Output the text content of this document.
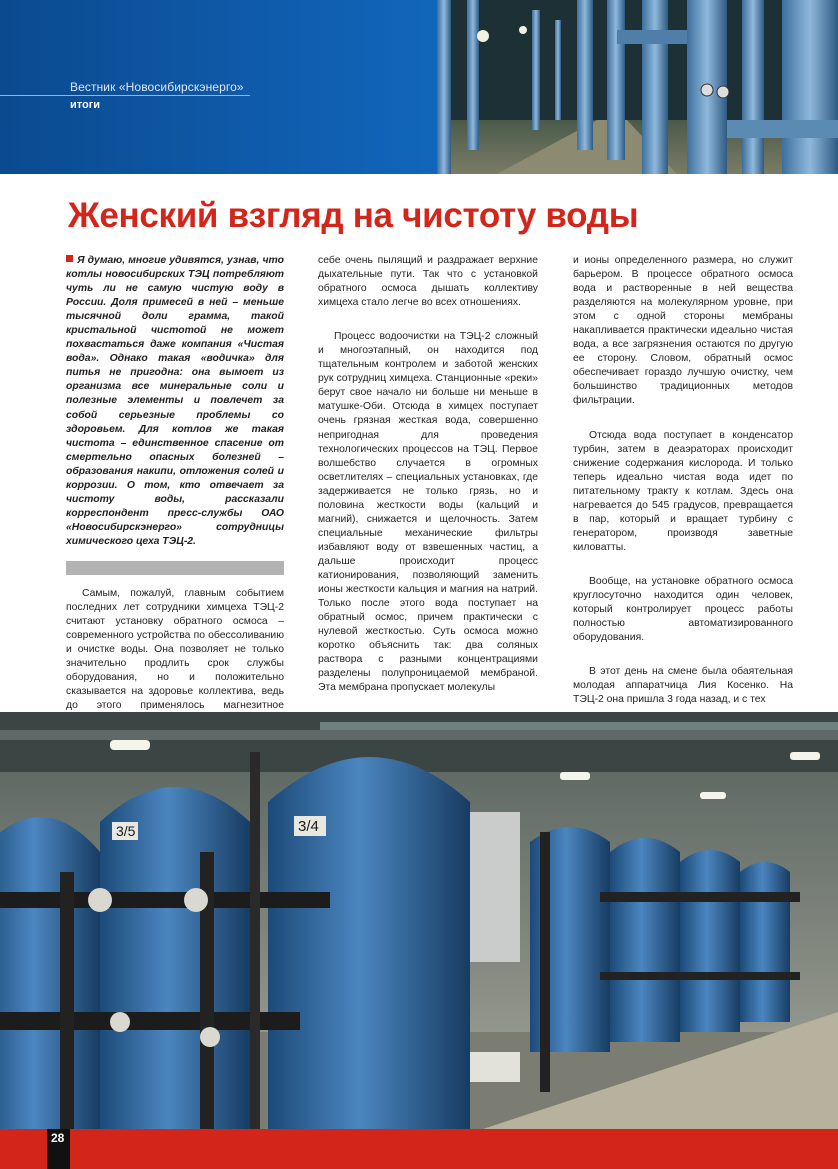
Вестник «Новосибирскэнерго»
итоги
Женский взгляд на чистоту воды

Я думаю, многие удивятся, узнав, что котлы новосибирских ТЭЦ потребляют чуть ли не самую чистую воду в России. Доля примесей в ней – меньше тысячной доли грамма, такой кристальной чистотой не может похвастаться даже компания «Чистая вода». Однако такая «водичка» для питья не пригодна: она вымоет из организма все минеральные соли и полезные элементы и повлечет за собой серьезные проблемы со здоровьем. Для котлов же такая чистота – единственное спасение от смертельно опасных болезней – образования накипи, отложения солей и коррозии. О том, кто отвечает за чистоту воды, рассказали корреспондент пресс-службы ОАО «Новосибирскэнерго» сотрудницы химического цеха ТЭЦ-2.

Самым, пожалуй, главным событием последних лет сотрудники химцеха ТЭЦ-2 считают установку обратного осмоса – современного устройства по обессоливанию и очистке воды. Она позволяет не только значительно продлить срок службы оборудования, но и положительно сказывается на здоровье коллектива, ведь до этого применялось магнезитное

себе очень пылящий и раздражает верхние дыхательные пути. Так что с установкой обратного осмоса дышать коллективу химцеха стало легче во всех отношениях.

Процесс водоочистки на ТЭЦ-2 сложный и многоэтапный, он находится под тщательным контролем и заботой женских рук сотрудниц химцеха. Станционные «реки» берут свое начало ни больше ни меньше в матушке-Оби. Отсюда в химцех поступает очень грязная жесткая вода, совершенно непригодная для проведения технологических процессов на ТЭЦ. Первое волшебство случается в огромных осветлителях – специальных установках, где задерживается не только грязь, но и половина жесткости воды (кальций и магний), снижается и щелочность. Затем специальные механические фильтры избавляют воду от взвешенных частиц, а дальше происходит процесс катионирования, позволяющий заменить ионы жесткости кальция и магния на натрий. Только после этого вода поступает на обратный осмос, причем практически с нулевой жесткостью. Суть осмоса можно коротко объяснить так: два соляных раствора с разными концентрациями разделены полупроницаемой мембраной. Эта мембрана пропускает молекулы

и ионы определенного размера, но служит барьером. В процессе обратного осмоса вода и растворенные в ней вещества разделяются на молекулярном уровне, при этом с одной стороны мембраны накапливается практически идеально чистая вода, а все загрязнения остаются по другую ее сторону. Словом, обратный осмос обеспечивает гораздо лучшую очистку, чем большинство традиционных методов фильтрации.

Отсюда вода поступает в конденсатор турбин, затем в деаэраторах происходит снижение содержания кислорода. И только теперь идеально чистая вода идет по питательному тракту к котлам. Здесь она нагревается до 545 градусов, превращается в пар, который и вращает турбину с генератором, производя заветные киловатты.

Вообще, на установке обратного осмоса круглосуточно находится один человек, который контролирует процесс работы полностью автоматизированного оборудования.

В этот день на смене была обаятельная молодая аппаратчица Лия Косенко. На ТЭЦ-2 она пришла 3 года назад, и с тех

3/5	3/4
28
